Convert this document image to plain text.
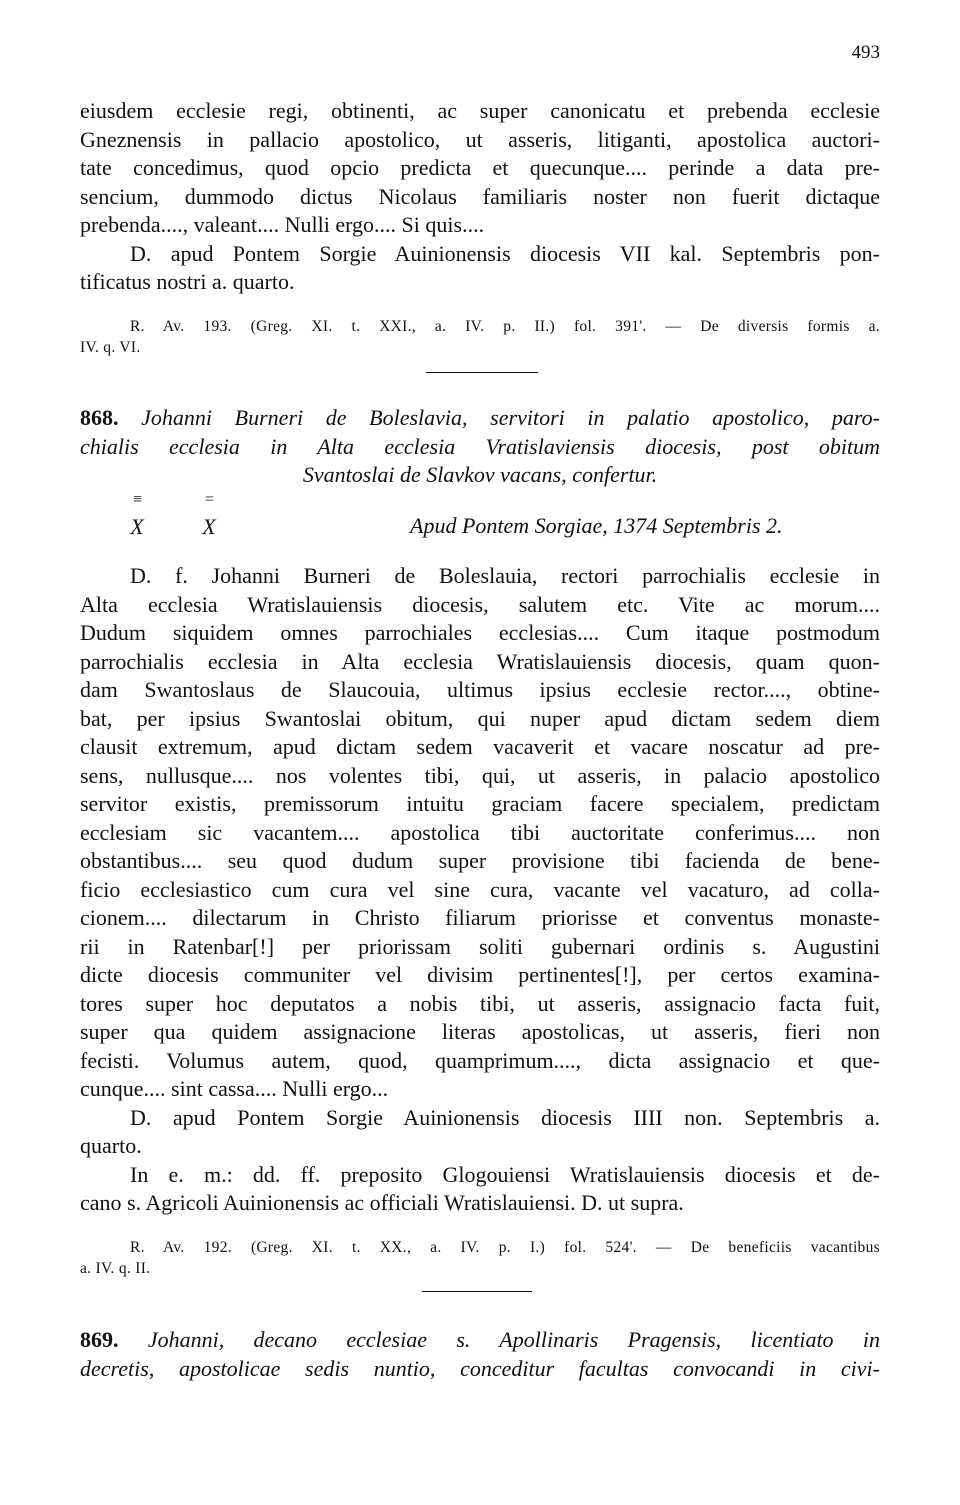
493

eiusdem ecclesie regi, obtinenti, ac super canonicatu et prebenda ecclesie

Gneznensis in pallacio apostolico, ut asseris, litiganti, apostolica auctori-

tate concedimus, quod opcio predicta et quecunque.... perinde a data pre-

sencium, dummodo dictus Nicolaus familiaris noster non fuerit dictaque

prebenda...., valeant.... Nulli ergo.... Si quis....

D. apud Pontem Sorgie Auinionensis diocesis VII kal. Septembris pon-

tificatus nostri a. quarto.

R. Av. 193. (Greg. XI. t. XXI., a. IV. p. II.) fol. 391'. — De diversis formis a.

IV. q. VI.

868. Johanni Burneri de Boleslavia, servitori in palatio apostolico, paro-

chialis ecclesia in Alta ecclesia Vratislaviensis diocesis, post obitum

Svantoslai de Slavkov vacans, confertur.

≡
X
=
X	Apud Pontem Sorgiae, 1374 Septembris 2.

D. f. Johanni Burneri de Boleslauia, rectori parrochialis ecclesie in

Alta ecclesia Wratislauiensis diocesis, salutem etc. Vite ac morum....

Dudum siquidem omnes parrochiales ecclesias.... Cum itaque postmodum

parrochialis ecclesia in Alta ecclesia Wratislauiensis diocesis, quam quon-

dam Swantoslaus de Slaucouia, ultimus ipsius ecclesie rector...., obtine-

bat, per ipsius Swantoslai obitum, qui nuper apud dictam sedem diem

clausit extremum, apud dictam sedem vacaverit et vacare noscatur ad pre-

sens, nullusque.... nos volentes tibi, qui, ut asseris, in palacio apostolico

servitor existis, premissorum intuitu graciam facere specialem, predictam

ecclesiam sic vacantem.... apostolica tibi auctoritate conferimus.... non

obstantibus.... seu quod dudum super provisione tibi facienda de bene-

ficio ecclesiastico cum cura vel sine cura, vacante vel vacaturo, ad colla-

cionem.... dilectarum in Christo filiarum priorisse et conventus monaste-

rii in Ratenbar[!] per priorissam soliti gubernari ordinis s. Augustini

dicte diocesis communiter vel divisim pertinentes[!], per certos examina-

tores super hoc deputatos a nobis tibi, ut asseris, assignacio facta fuit,

super qua quidem assignacione literas apostolicas, ut asseris, fieri non

fecisti. Volumus autem, quod, quamprimum...., dicta assignacio et que-

cunque.... sint cassa.... Nulli ergo...

D. apud Pontem Sorgie Auinionensis diocesis IIII non. Septembris a.

quarto.

In e. m.: dd. ff. preposito Glogouiensi Wratislauiensis diocesis et de-

cano s. Agricoli Auinionensis ac officiali Wratislauiensi. D. ut supra.

R. Av. 192. (Greg. XI. t. XX., a. IV. p. I.) fol. 524'. — De beneficiis vacantibus

a. IV. q. II.

869. Johanni, decano ecclesiae s. Apollinaris Pragensis, licentiato in

decretis, apostolicae sedis nuntio, conceditur facultas convocandi in civi-
